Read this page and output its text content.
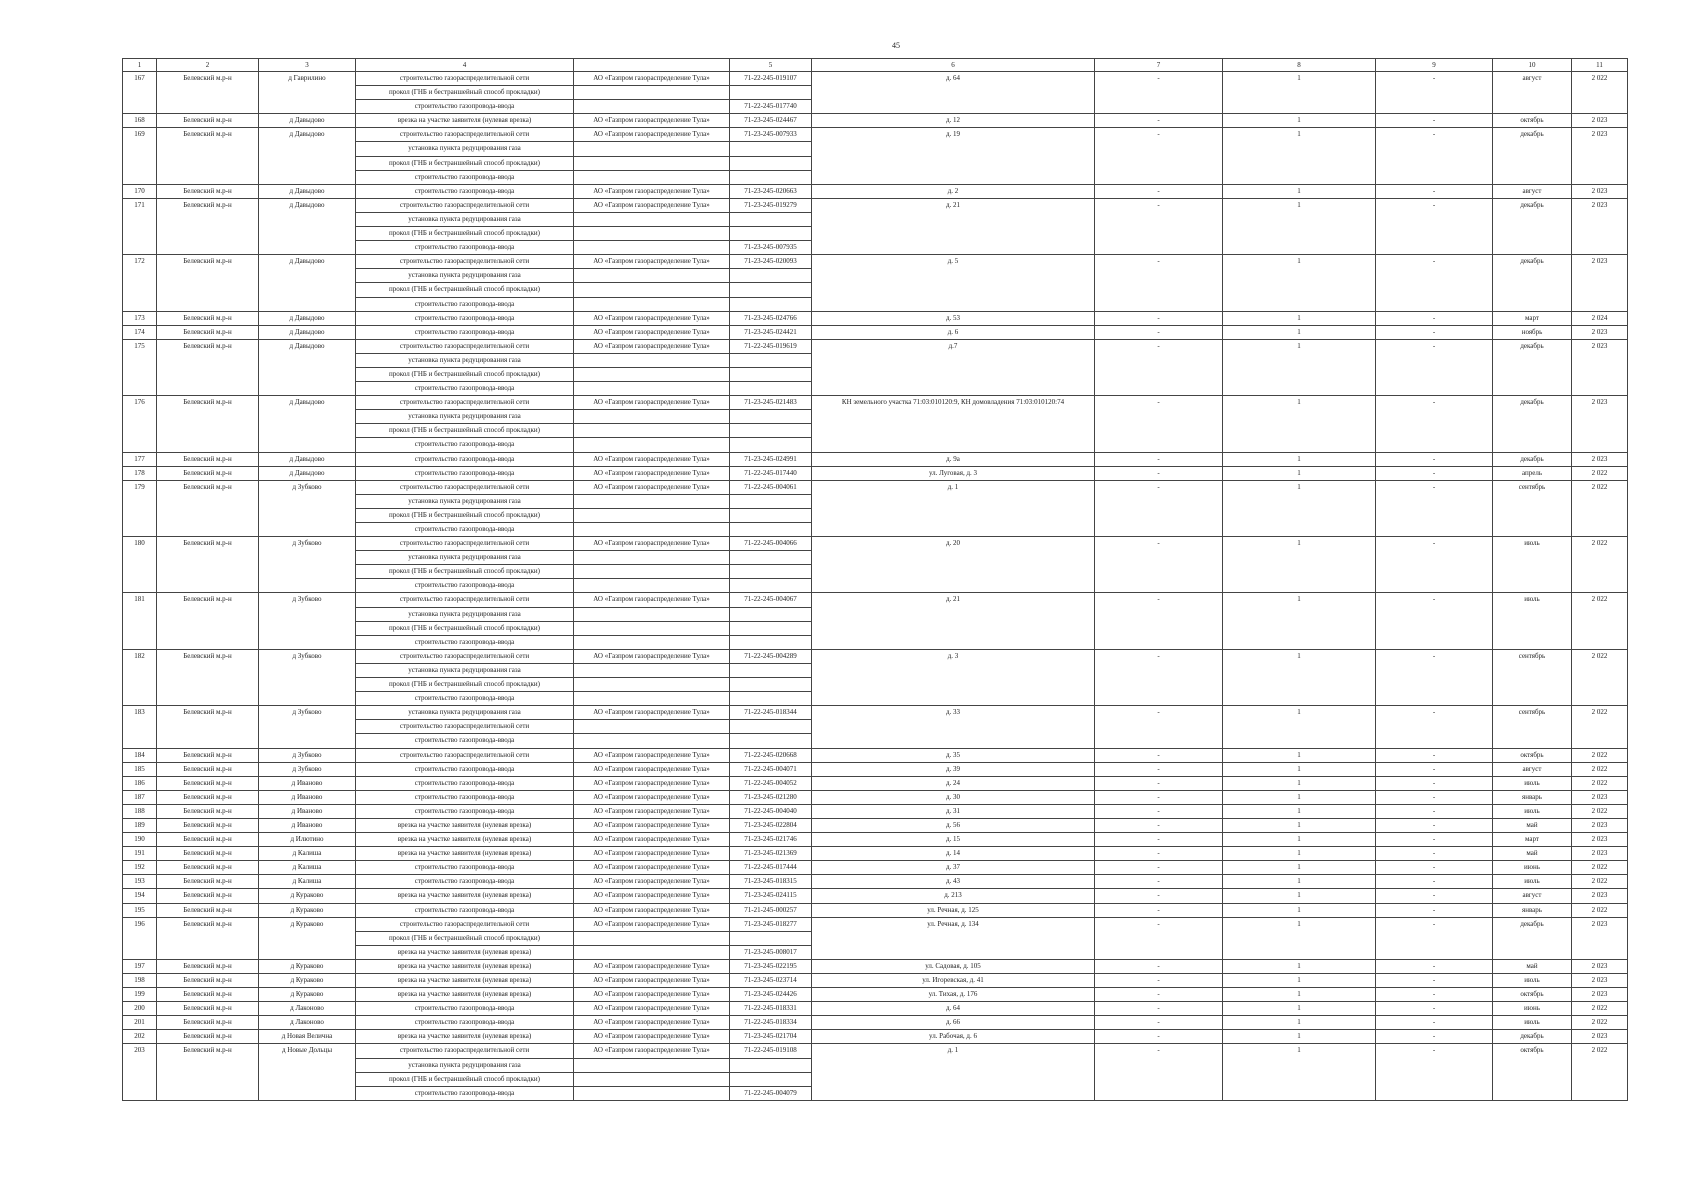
45
1	2	3	4		5	6	7	8	9	10	11
167	Белевский м.р-н	д Гаврилино	строительство газораспределительной сети	АО «Газпром газораспределение Тула»	71-22-245-019107	д. 64	-	1	-	август	2 022
			прокол (ГНБ и бестраншейный способ прокладки)								
			строительство газопровода-ввода		71-22-245-017740						
168	Белевский м.р-н	д Давыдово	врезка на участке заявителя (нулевая врезка)	АО «Газпром газораспределение Тула»	71-23-245-024467	д. 12	-	1	-	октябрь	2 023
169	Белевский м.р-н	д Давыдово	строительство газораспределительной сети	АО «Газпром газораспределение Тула»	71-23-245-007933	д. 19	-	1	-	декабрь	2 023
			установка пункта редуцирования газа								
			прокол (ГНБ и бестраншейный способ прокладки)								
			строительство газопровода-ввода								
170	Белевский м.р-н	д Давыдово	строительство газопровода-ввода	АО «Газпром газораспределение Тула»	71-23-245-020663	д. 2	-	1	-	август	2 023
171	Белевский м.р-н	д Давыдово	строительство газораспределительной сети	АО «Газпром газораспределение Тула»	71-23-245-019279	д. 21	-	1	-	декабрь	2 023
			установка пункта редуцирования газа								
			прокол (ГНБ и бестраншейный способ прокладки)								
			строительство газопровода-ввода		71-23-245-007935						
172	Белевский м.р-н	д Давыдово	строительство газораспределительной сети	АО «Газпром газораспределение Тула»	71-23-245-020093	д. 5	-	1	-	декабрь	2 023
			установка пункта редуцирования газа								
			прокол (ГНБ и бестраншейный способ прокладки)								
			строительство газопровода-ввода								
173	Белевский м.р-н	д Давыдово	строительство газопровода-ввода	АО «Газпром газораспределение Тула»	71-23-245-024766	д. 53	-	1	-	март	2 024
174	Белевский м.р-н	д Давыдово	строительство газопровода-ввода	АО «Газпром газораспределение Тула»	71-23-245-024421	д. 6	-	1	-	ноябрь	2 023
175	Белевский м.р-н	д Давыдово	строительство газораспределительной сети	АО «Газпром газораспределение Тула»	71-22-245-019619	д.7	-	1	-	декабрь	2 023
			установка пункта редуцирования газа								
			прокол (ГНБ и бестраншейный способ прокладки)								
			строительство газопровода-ввода								
176	Белевский м.р-н	д Давыдово	строительство газораспределительной сети	АО «Газпром газораспределение Тула»	71-23-245-021483	КН земельного участка 71:03:010120:9, КН домовладения 71:03:010120:74	-	1	-	декабрь	2 023
			установка пункта редуцирования газа								
			прокол (ГНБ и бестраншейный способ прокладки)								
			строительство газопровода-ввода								
177	Белевский м.р-н	д Давыдово	строительство газопровода-ввода	АО «Газпром газораспределение Тула»	71-23-245-024991	д. 9а	-	1	-	декабрь	2 023
178	Белевский м.р-н	д Давыдово	строительство газопровода-ввода	АО «Газпром газораспределение Тула»	71-22-245-017440	ул. Луговая, д. 3	-	1	-	апрель	2 022
179	Белевский м.р-н	д Зубково	строительство газораспределительной сети	АО «Газпром газораспределение Тула»	71-22-245-004061	д. 1	-	1	-	сентябрь	2 022
			установка пункта редуцирования газа								
			прокол (ГНБ и бестраншейный способ прокладки)								
			строительство газопровода-ввода								
180	Белевский м.р-н	д Зубково	строительство газораспределительной сети	АО «Газпром газораспределение Тула»	71-22-245-004066	д. 20	-	1	-	июль	2 022
			установка пункта редуцирования газа								
			прокол (ГНБ и бестраншейный способ прокладки)								
			строительство газопровода-ввода								
181	Белевский м.р-н	д Зубково	строительство газораспределительной сети	АО «Газпром газораспределение Тула»	71-22-245-004067	д. 21	-	1	-	июль	2 022
			установка пункта редуцирования газа								
			прокол (ГНБ и бестраншейный способ прокладки)								
			строительство газопровода-ввода								
182	Белевский м.р-н	д Зубково	строительство газораспределительной сети	АО «Газпром газораспределение Тула»	71-22-245-004289	д. 3	-	1	-	сентябрь	2 022
			установка пункта редуцирования газа								
			прокол (ГНБ и бестраншейный способ прокладки)								
			строительство газопровода-ввода								
183	Белевский м.р-н	д Зубково	установка пункта редуцирования газа	АО «Газпром газораспределение Тула»	71-22-245-018344	д. 33	-	1	-	сентябрь	2 022
			строительство газораспределительной сети								
			строительство газопровода-ввода								
184	Белевский м.р-н	д Зубково	строительство газораспределительной сети	АО «Газпром газораспределение Тула»	71-22-245-020668	д. 35	-	1	-	октябрь	2 022
185	Белевский м.р-н	д Зубково	строительство газопровода-ввода	АО «Газпром газораспределение Тула»	71-22-245-004071	д. 39	-	1	-	август	2 022
186	Белевский м.р-н	д Иваново	строительство газопровода-ввода	АО «Газпром газораспределение Тула»	71-22-245-004052	д. 24	-	1	-	июль	2 022
187	Белевский м.р-н	д Иваново	строительство газопровода-ввода	АО «Газпром газораспределение Тула»	71-23-245-021280	д. 30	-	1	-	январь	2 023
188	Белевский м.р-н	д Иваново	строительство газопровода-ввода	АО «Газпром газораспределение Тула»	71-22-245-004040	д. 31	-	1	-	июль	2 022
189	Белевский м.р-н	д Иваново	врезка на участке заявителя (нулевая врезка)	АО «Газпром газораспределение Тула»	71-23-245-022804	д. 56	-	1	-	май	2 023
190	Белевский м.р-н	д Илютино	врезка на участке заявителя (нулевая врезка)	АО «Газпром газораспределение Тула»	71-23-245-021746	д. 15	-	1	-	март	2 023
191	Белевский м.р-н	д Калиша	врезка на участке заявителя (нулевая врезка)	АО «Газпром газораспределение Тула»	71-23-245-021369	д. 14	-	1	-	май	2 023
192	Белевский м.р-н	д Калиша	строительство газопровода-ввода	АО «Газпром газораспределение Тула»	71-22-245-017444	д. 37	-	1	-	июнь	2 022
193	Белевский м.р-н	д Калиша	строительство газопровода-ввода	АО «Газпром газораспределение Тула»	71-23-245-018315	д. 43	-	1	-	июль	2 022
194	Белевский м.р-н	д Кураково	врезка на участке заявителя (нулевая врезка)	АО «Газпром газораспределение Тула»	71-23-245-024115	д. 213	-	1	-	август	2 023
195	Белевский м.р-н	д Кураково	строительство газопровода-ввода	АО «Газпром газораспределение Тула»	71-21-245-000257	ул. Речная, д. 125	-	1	-	январь	2 022
196	Белевский м.р-н	д Кураково	строительство газораспределительной сети	АО «Газпром газораспределение Тула»	71-23-245-018277	ул. Речная, д. 134	-	1	-	декабрь	2 023
			прокол (ГНБ и бестраншейный способ прокладки)								
			врезка на участке заявителя (нулевая врезка)		71-23-245-008017						
197	Белевский м.р-н	д Кураково	врезка на участке заявителя (нулевая врезка)	АО «Газпром газораспределение Тула»	71-23-245-022195	ул. Садовая, д. 105	-	1	-	май	2 023
198	Белевский м.р-н	д Кураково	врезка на участке заявителя (нулевая врезка)	АО «Газпром газораспределение Тула»	71-23-245-023714	ул. Игоревская, д. 41	-	1	-	июль	2 023
199	Белевский м.р-н	д Кураково	врезка на участке заявителя (нулевая врезка)	АО «Газпром газораспределение Тула»	71-23-245-024426	ул. Тихая, д. 176	-	1	-	октябрь	2 023
200	Белевский м.р-н	д Лаконово	строительство газопровода-ввода	АО «Газпром газораспределение Тула»	71-22-245-018331	д. 64	-	1	-	июнь	2 022
201	Белевский м.р-н	д Лаконово	строительство газопровода-ввода	АО «Газпром газораспределение Тула»	71-22-245-018334	д. 66	-	1	-	июль	2 022
202	Белевский м.р-н	д Новая Велична	врезка на участке заявителя (нулевая врезка)	АО «Газпром газораспределение Тула»	71-23-245-021704	ул. Рабочая, д. 6	-	1	-	декабрь	2 023
203	Белевский м.р-н	д Новые Дольцы	строительство газораспределительной сети	АО «Газпром газораспределение Тула»	71-22-245-019108	д. 1	-	1	-	октябрь	2 022
			установка пункта редуцирования газа								
			прокол (ГНБ и бестраншейный способ прокладки)								
			строительство газопровода-ввода		71-22-245-004079						
